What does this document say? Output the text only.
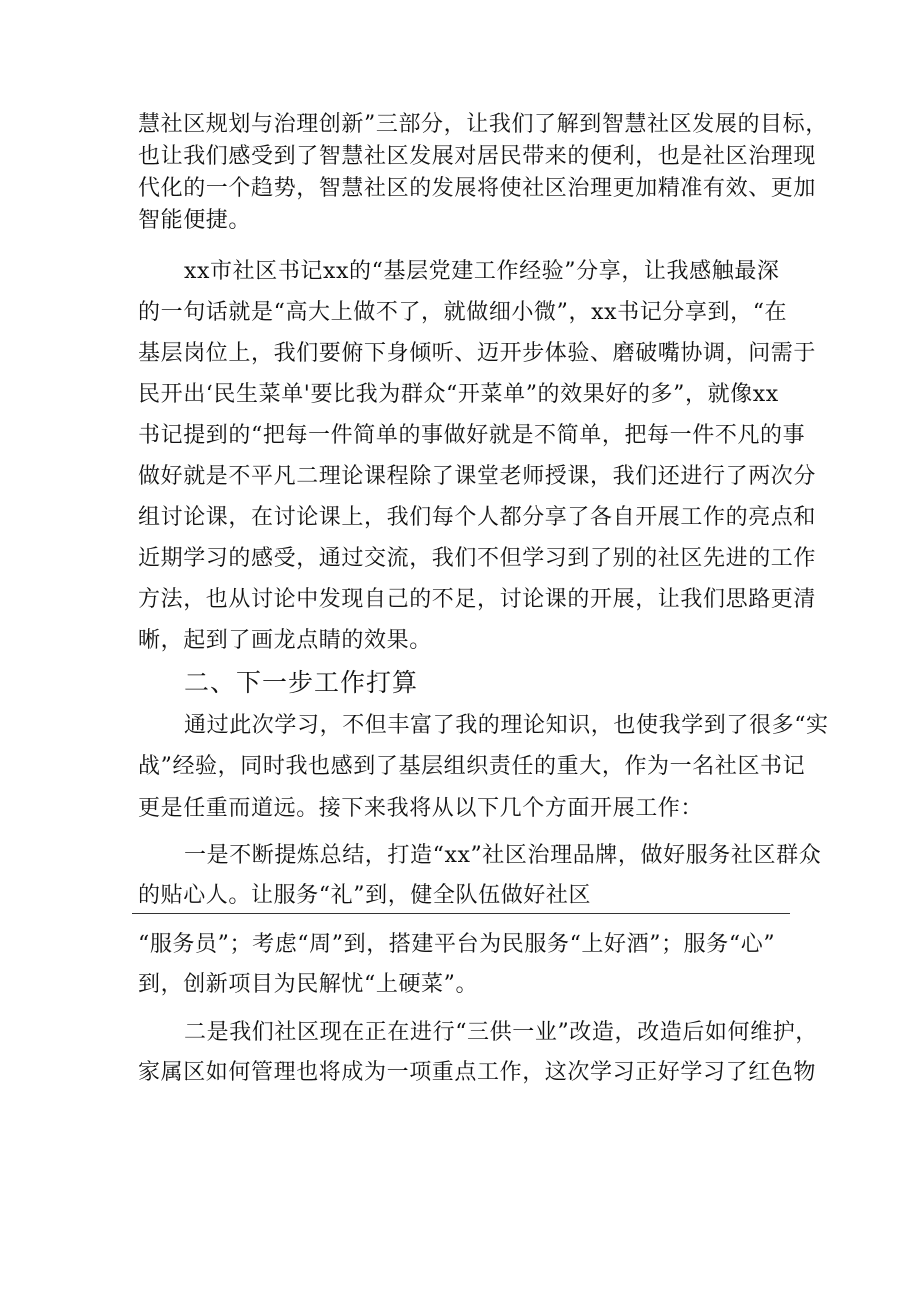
慧社区规划与治理创新”三部分，让我们了解到智慧社区发展的目标，
也让我们感受到了智慧社区发展对居民带来的便利，也是社区治理现
代化的一个趋势，智慧社区的发展将使社区治理更加精准有效、更加
智能便捷。
xx市社区书记xx的“基层党建工作经验”分享，让我感触最深
的一句话就是“高大上做不了，就做细小微”，xx书记分享到，“在
基层岗位上，我们要俯下身倾听、迈开步体验、磨破嘴协调，问需于
民开出‘民生菜单'要比我为群众“开菜单”的效果好的多”，就像xx
书记提到的“把每一件简单的事做好就是不简单，把每一件不凡的事
做好就是不平凡二理论课程除了课堂老师授课，我们还进行了两次分
组讨论课，在讨论课上，我们每个人都分享了各自开展工作的亮点和
近期学习的感受，通过交流，我们不但学习到了别的社区先进的工作
方法，也从讨论中发现自己的不足，讨论课的开展，让我们思路更清
晰，起到了画龙点睛的效果。
二、下一步工作打算
通过此次学习，不但丰富了我的理论知识，也使我学到了很多“实
战”经验，同时我也感到了基层组织责任的重大，作为一名社区书记
更是任重而道远。接下来我将从以下几个方面开展工作：
一是不断提炼总结，打造“xx”社区治理品牌，做好服务社区群众
的贴心人。让服务“礼”到，健全队伍做好社区
“服务员”；考虑“周”到，搭建平台为民服务“上好酒”；服务“心”
到，创新项目为民解忧“上硬菜”。
二是我们社区现在正在进行“三供一业”改造，改造后如何维护，
家属区如何管理也将成为一项重点工作，这次学习正好学习了红色物
